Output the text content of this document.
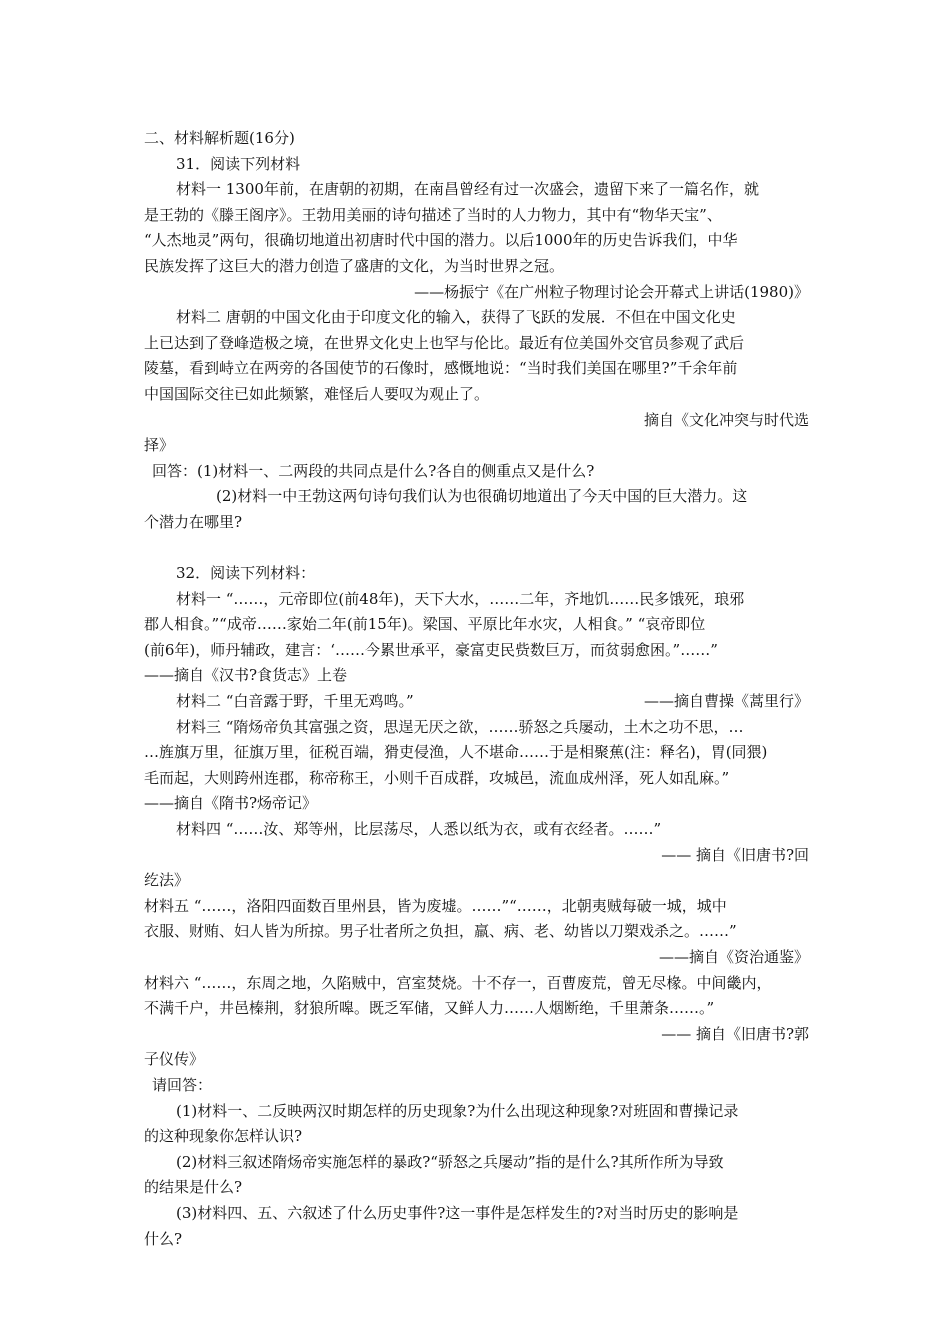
二、材料解析题(16分)
31．阅读下列材料
材料一 1300年前，在唐朝的初期，在南昌曾经有过一次盛会，遗留下来了一篇名作，就
是王勃的《滕王阁序》。王勃用美丽的诗句描述了当时的人力物力，其中有“物华天宝”、
“人杰地灵”两句，很确切地道出初唐时代中国的潜力。以后1000年的历史告诉我们，中华
民族发挥了这巨大的潜力创造了盛唐的文化，为当时世界之冠。
——杨振宁《在广州粒子物理讨论会开幕式上讲话(1980)》
材料二 唐朝的中国文化由于印度文化的输入，获得了飞跃的发展．不但在中国文化史
上已达到了登峰造极之境，在世界文化史上也罕与伦比。最近有位美国外交官员参观了武后
陵墓，看到峙立在两旁的各国使节的石像时，感慨地说：“当时我们美国在哪里?”千余年前
中国国际交往已如此频繁，难怪后人要叹为观止了。
摘自《文化冲突与时代选
择》
回答：(1)材料一、二两段的共同点是什么?各自的侧重点又是什么?
(2)材料一中王勃这两句诗句我们认为也很确切地道出了今天中国的巨大潜力。这
个潜力在哪里?
32．阅读下列材料：
材料一 “……，元帝即位(前48年)，天下大水，……二年，齐地饥……民多饿死，琅邪
郡人相食。”“成帝……家始二年(前15年)。梁国、平原比年水灾，人相食。” “哀帝即位
(前6年)，师丹辅政，建言：‘……今累世承平，豪富吏民赀数巨万，而贫弱愈困。”……”
——摘自《汉书?食货志》上卷
材料二 “白音露于野，千里无鸡鸣。”	——摘自曹操《蒿里行》
材料三 “隋炀帝负其富强之资，思逞无厌之欲，……骄怒之兵屡动，土木之功不思，…
…旌旗万里，征旗万里，征税百端，猾吏侵渔，人不堪命……于是相聚蕉(注：释名)，胃(同猥)
毛而起，大则跨州连郡，称帝称王，小则千百成群，攻城邑，流血成州泽，死人如乱麻。”
——摘自《隋书?炀帝记》
材料四 “……汝、郑等州，比层荡尽，人悉以纸为衣，或有衣经者。……”
—— 摘自《旧唐书?回
纥法》
材料五 “……，洛阳四面数百里州县，皆为废墟。……”“……，北朝夷贼每破一城，城中
衣服、财贿、妇人皆为所掠。男子壮者所之负担，羸、病、老、幼皆以刀槊戏杀之。……”
——摘自《资治通鉴》
材料六 “……，东周之地，久陷贼中，宫室焚烧。十不存一，百曹废荒，曾无尽椽。中间畿内，
不满千户，井邑榛荆，豺狼所嗥。既乏军储，又鲜人力……人烟断绝，千里萧条……。”
—— 摘自《旧唐书?郭
子仪传》
请回答：
(1)材料一、二反映两汉时期怎样的历史现象?为什么出现这种现象?对班固和曹操记录
的这种现象你怎样认识?
(2)材料三叙述隋炀帝实施怎样的暴政?“骄怒之兵屡动”指的是什么?其所作所为导致
的结果是什么?
(3)材料四、五、六叙述了什么历史事件?这一事件是怎样发生的?对当时历史的影响是
什么?
